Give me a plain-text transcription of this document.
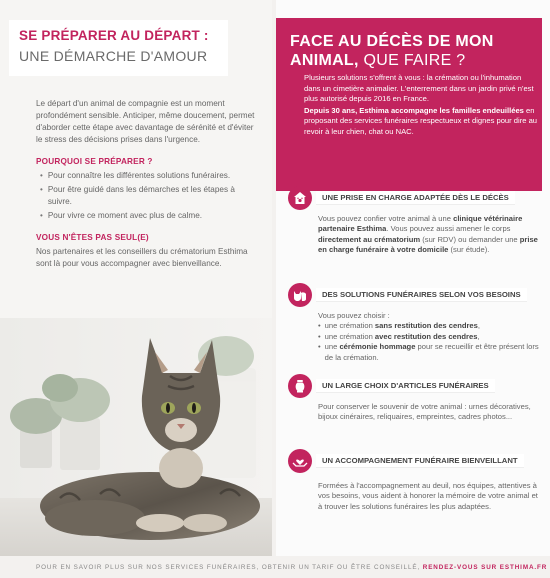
SE PRÉPARER AU DÉPART :
UNE DÉMARCHE D'AMOUR

Le départ d'un animal de compagnie est un moment profondément sensible. Anticiper, même doucement, permet d'aborder cette étape avec davantage de sérénité et d'éviter le stress des décisions prises dans l'urgence.

POURQUOI SE PRÉPARER ?
• Pour connaître les différentes solutions funéraires.
• Pour être guidé dans les démarches et les étapes à suivre.
• Pour vivre ce moment avec plus de calme.
VOUS N'ÊTES PAS SEUL(E)

Nos partenaires et les conseillers du crématorium Esthima sont là pour vous accompagner avec bienveillance.

FACE AU DÉCÈS DE MON
ANIMAL, QUE FAIRE ?

Plusieurs solutions s'offrent à vous : la crémation ou l'inhumation dans un cimetière animalier. L'enterrement dans un jardin privé n'est plus autorisé depuis 2016 en France.

Depuis 30 ans, Esthima accompagne les familles endeuillées en proposant des services funéraires respectueux et dignes pour dire au revoir à leur chien, chat ou NAC.

UNE PRISE EN CHARGE ADAPTÉE DÈS LE DÉCÈS
Vous pouvez confier votre animal à une clinique vétérinaire partenaire Esthima. Vous pouvez aussi amener le corps directement au crématorium (sur RDV) ou demander une prise en charge funéraire à votre domicile (sur étude).
DES SOLUTIONS FUNÉRAIRES SELON VOS BESOINS
Vous pouvez choisir :
• une crémation sans restitution des cendres,
• une crémation avec restitution des cendres,
• une cérémonie hommage pour se recueillir et être présent lors de la crémation.
UN LARGE CHOIX D'ARTICLES FUNÉRAIRES
Pour conserver le souvenir de votre animal : urnes décoratives, bijoux cinéraires, reliquaires, empreintes, cadres photos...
UN ACCOMPAGNEMENT FUNÉRAIRE BIENVEILLANT
Formées à l'accompagnement au deuil, nos équipes, attentives à vos besoins, vous aident à honorer la mémoire de votre animal et à trouver les solutions funéraires les plus adaptées.
POUR EN SAVOIR PLUS SUR NOS SERVICES FUNÉRAIRES, OBTENIR UN TARIF OU ÊTRE CONSEILLÉ, RENDEZ-VOUS SUR ESTHIMA.FR
